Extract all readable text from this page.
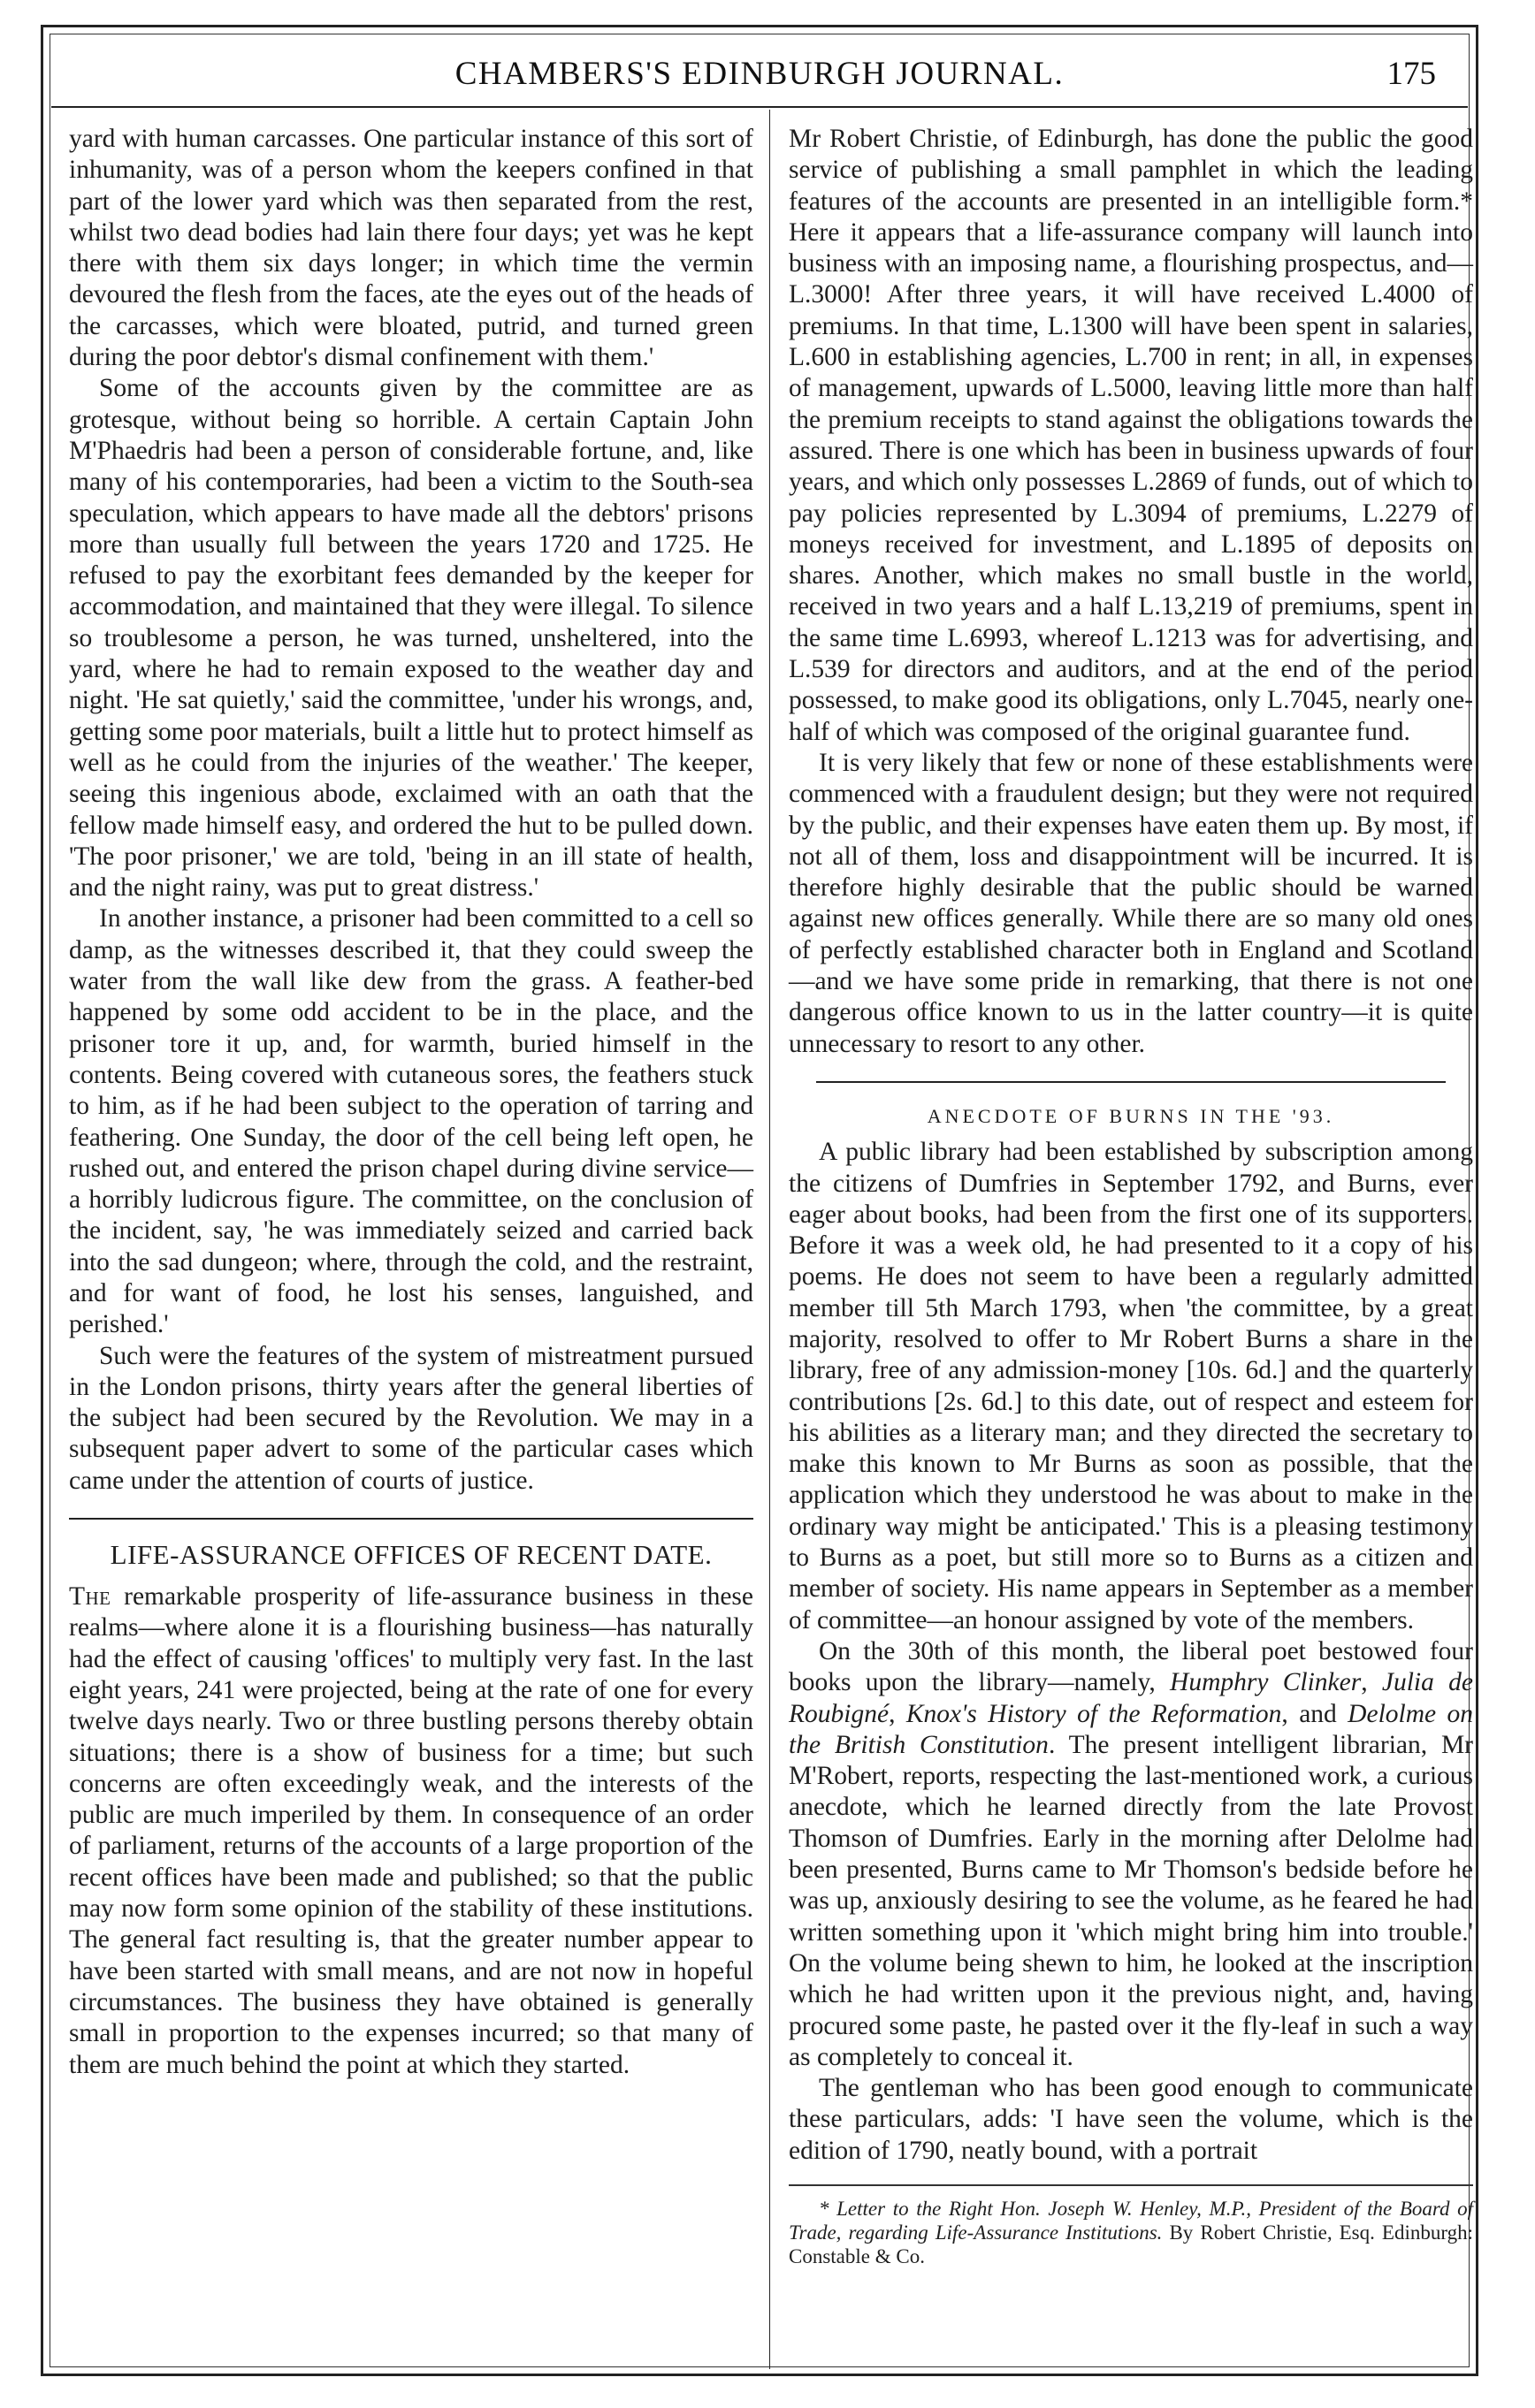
CHAMBERS'S EDINBURGH JOURNAL.	175

yard with human carcasses. One particular instance of this sort of inhumanity, was of a person whom the keepers confined in that part of the lower yard which was then separated from the rest, whilst two dead bodies had lain there four days; yet was he kept there with them six days longer; in which time the vermin devoured the flesh from the faces, ate the eyes out of the heads of the carcasses, which were bloated, putrid, and turned green during the poor debtor's dismal confinement with them.'

Some of the accounts given by the committee are as grotesque, without being so horrible. A certain Captain John M'Phaedris had been a person of considerable fortune, and, like many of his contemporaries, had been a victim to the South-sea speculation, which appears to have made all the debtors' prisons more than usually full between the years 1720 and 1725. He refused to pay the exorbitant fees demanded by the keeper for accommodation, and maintained that they were illegal. To silence so troublesome a person, he was turned, unsheltered, into the yard, where he had to remain exposed to the weather day and night. 'He sat quietly,' said the committee, 'under his wrongs, and, getting some poor materials, built a little hut to protect himself as well as he could from the injuries of the weather.' The keeper, seeing this ingenious abode, exclaimed with an oath that the fellow made himself easy, and ordered the hut to be pulled down. 'The poor prisoner,' we are told, 'being in an ill state of health, and the night rainy, was put to great distress.'

In another instance, a prisoner had been committed to a cell so damp, as the witnesses described it, that they could sweep the water from the wall like dew from the grass. A feather-bed happened by some odd accident to be in the place, and the prisoner tore it up, and, for warmth, buried himself in the contents. Being covered with cutaneous sores, the feathers stuck to him, as if he had been subject to the operation of tarring and feathering. One Sunday, the door of the cell being left open, he rushed out, and entered the prison chapel during divine service—a horribly ludicrous figure. The committee, on the conclusion of the incident, say, 'he was immediately seized and carried back into the sad dungeon; where, through the cold, and the restraint, and for want of food, he lost his senses, languished, and perished.'

Such were the features of the system of mistreatment pursued in the London prisons, thirty years after the general liberties of the subject had been secured by the Revolution. We may in a subsequent paper advert to some of the particular cases which came under the attention of courts of justice.

LIFE-ASSURANCE OFFICES OF RECENT DATE.

The remarkable prosperity of life-assurance business in these realms—where alone it is a flourishing business—has naturally had the effect of causing 'offices' to multiply very fast. In the last eight years, 241 were projected, being at the rate of one for every twelve days nearly. Two or three bustling persons thereby obtain situations; there is a show of business for a time; but such concerns are often exceedingly weak, and the interests of the public are much imperiled by them. In consequence of an order of parliament, returns of the accounts of a large proportion of the recent offices have been made and published; so that the public may now form some opinion of the stability of these institutions. The general fact resulting is, that the greater number appear to have been started with small means, and are not now in hopeful circumstances. The business they have obtained is generally small in proportion to the expenses incurred; so that many of them are much behind the point at which they started.

Mr Robert Christie, of Edinburgh, has done the public the good service of publishing a small pamphlet in which the leading features of the accounts are presented in an intelligible form.* Here it appears that a life-assurance company will launch into business with an imposing name, a flourishing prospectus, and—L.3000! After three years, it will have received L.4000 of premiums. In that time, L.1300 will have been spent in salaries, L.600 in establishing agencies, L.700 in rent; in all, in expenses of management, upwards of L.5000, leaving little more than half the premium receipts to stand against the obligations towards the assured. There is one which has been in business upwards of four years, and which only possesses L.2869 of funds, out of which to pay policies represented by L.3094 of premiums, L.2279 of moneys received for investment, and L.1895 of deposits on shares. Another, which makes no small bustle in the world, received in two years and a half L.13,219 of premiums, spent in the same time L.6993, whereof L.1213 was for advertising, and L.539 for directors and auditors, and at the end of the period possessed, to make good its obligations, only L.7045, nearly one-half of which was composed of the original guarantee fund.

It is very likely that few or none of these establishments were commenced with a fraudulent design; but they were not required by the public, and their expenses have eaten them up. By most, if not all of them, loss and disappointment will be incurred. It is therefore highly desirable that the public should be warned against new offices generally. While there are so many old ones of perfectly established character both in England and Scotland—and we have some pride in remarking, that there is not one dangerous office known to us in the latter country—it is quite unnecessary to resort to any other.

ANECDOTE OF BURNS IN THE '93.

A public library had been established by subscription among the citizens of Dumfries in September 1792, and Burns, ever eager about books, had been from the first one of its supporters. Before it was a week old, he had presented to it a copy of his poems. He does not seem to have been a regularly admitted member till 5th March 1793, when 'the committee, by a great majority, resolved to offer to Mr Robert Burns a share in the library, free of any admission-money [10s. 6d.] and the quarterly contributions [2s. 6d.] to this date, out of respect and esteem for his abilities as a literary man; and they directed the secretary to make this known to Mr Burns as soon as possible, that the application which they understood he was about to make in the ordinary way might be anticipated.' This is a pleasing testimony to Burns as a poet, but still more so to Burns as a citizen and member of society. His name appears in September as a member of committee—an honour assigned by vote of the members.

On the 30th of this month, the liberal poet bestowed four books upon the library—namely, Humphry Clinker, Julia de Roubigné, Knox's History of the Reformation, and Delolme on the British Constitution. The present intelligent librarian, Mr M'Robert, reports, respecting the last-mentioned work, a curious anecdote, which he learned directly from the late Provost Thomson of Dumfries. Early in the morning after Delolme had been presented, Burns came to Mr Thomson's bedside before he was up, anxiously desiring to see the volume, as he feared he had written something upon it 'which might bring him into trouble.' On the volume being shewn to him, he looked at the inscription which he had written upon it the previous night, and, having procured some paste, he pasted over it the fly-leaf in such a way as completely to conceal it.

The gentleman who has been good enough to communicate these particulars, adds: 'I have seen the volume, which is the edition of 1790, neatly bound, with a portrait

* Letter to the Right Hon. Joseph W. Henley, M.P., President of the Board of Trade, regarding Life-Assurance Institutions. By Robert Christie, Esq. Edinburgh: Constable & Co.
